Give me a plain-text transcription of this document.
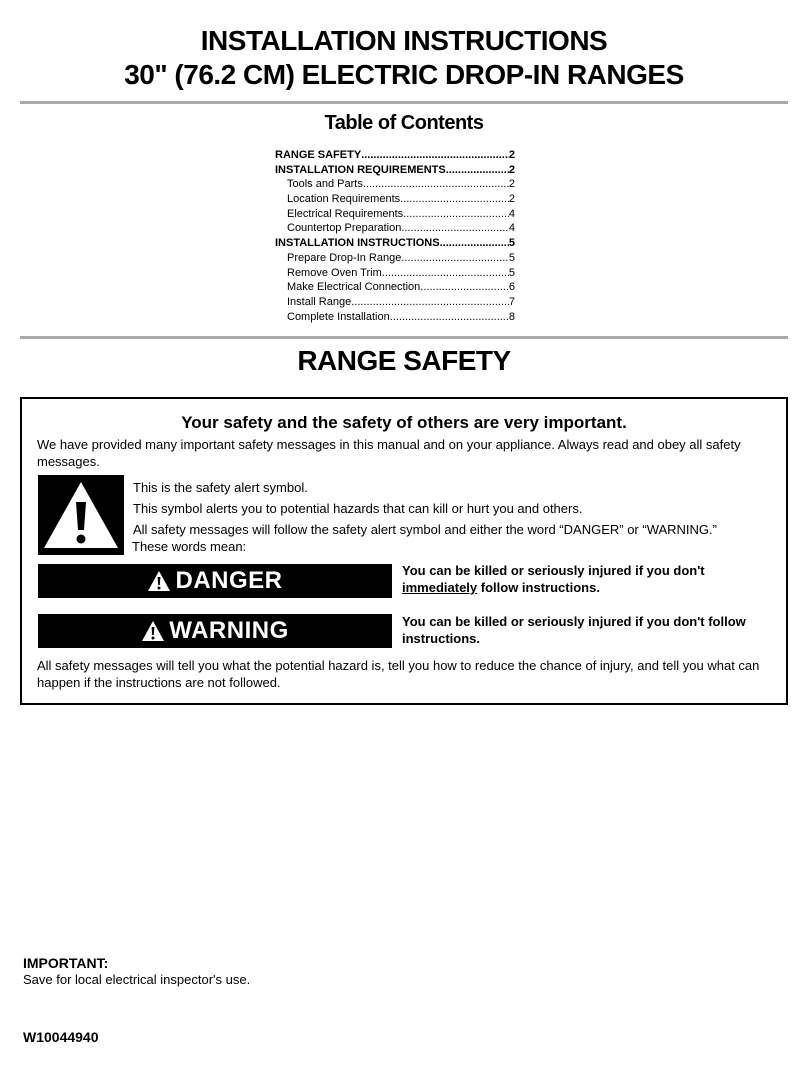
INSTALLATION INSTRUCTIONS
30" (76.2 CM) ELECTRIC DROP-IN RANGES
Table of Contents
RANGE SAFETY .....	2
INSTALLATION REQUIREMENTS .....	2
Tools and Parts .....	2
Location Requirements .....	2
Electrical Requirements .....	4
Countertop Preparation .....	4
INSTALLATION INSTRUCTIONS .....	5
Prepare Drop-In Range .....	5
Remove Oven Trim .....	5
Make Electrical Connection .....	6
Install Range .....	7
Complete Installation .....	8
RANGE SAFETY
Your safety and the safety of others are very important.
We have provided many important safety messages in this manual and on your appliance. Always read and obey all safety messages.
This is the safety alert symbol.
This symbol alerts you to potential hazards that can kill or hurt you and others.
All safety messages will follow the safety alert symbol and either the word “DANGER” or “WARNING.”
These words mean:
DANGER	You can be killed or seriously injured if you don't immediately follow instructions.
WARNING	You can be killed or seriously injured if you don't follow instructions.
All safety messages will tell you what the potential hazard is, tell you how to reduce the chance of injury, and tell you what can happen if the instructions are not followed.
IMPORTANT:
Save for local electrical inspector's use.
W10044940
